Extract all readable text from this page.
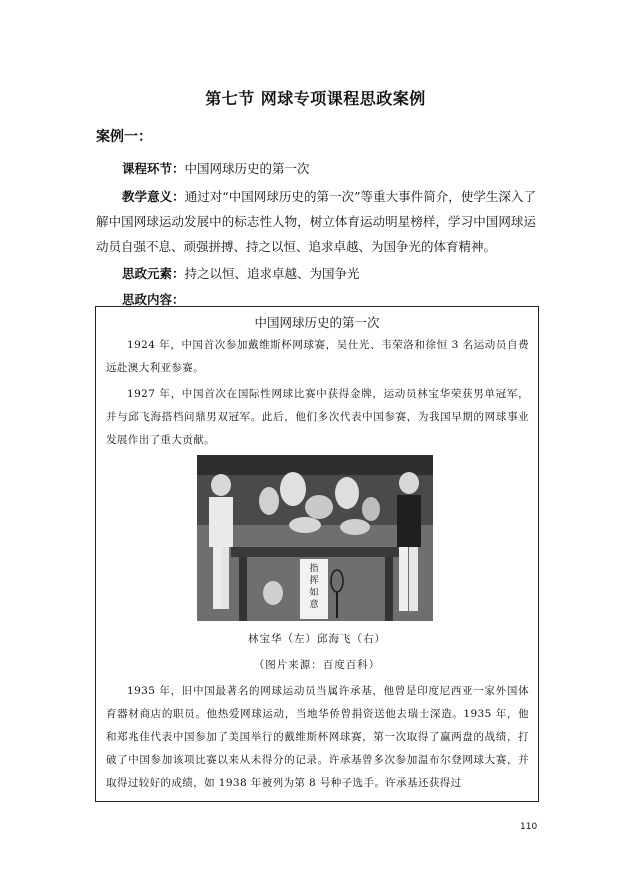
第七节 网球专项课程思政案例
案例一：
课程环节：中国网球历史的第一次
教学意义：通过对“中国网球历史的第一次”等重大事件简介，使学生深入了解中国网球运动发展中的标志性人物，树立体育运动明星榜样，学习中国网球运动员自强不息、顽强拼搏、持之以恒、追求卓越、为国争光的体育精神。
思政元素：持之以恒、追求卓越、为国争光
思政内容：
中国网球历史的第一次
1924 年，中国首次参加戴维斯杯网球赛，吴仕光、韦荣洛和徐恒 3 名运动员自费远赴澳大利亚参赛。
1927 年，中国首次在国际性网球比赛中获得金牌，运动员林宝华荣获男单冠军，并与邱飞海搭档问鼎男双冠军。此后，他们多次代表中国参赛，为我国早期的网球事业发展作出了重大贡献。
指挥如意
林宝华（左）邱海飞（右）
（图片来源：百度百科）
1935 年，旧中国最著名的网球运动员当属许承基，他曾是印度尼西亚一家外国体育器材商店的职员。他热爱网球运动，当地华侨曾捐资送他去瑞士深造。1935 年，他和郑兆佳代表中国参加了美国举行的戴维斯杯网球赛，第一次取得了赢两盘的战绩，打破了中国参加该项比赛以来从未得分的记录。许承基曾多次参加温布尔登网球大赛，并取得过较好的成绩，如 1938 年被列为第 8 号种子选手。许承基还获得过
110
